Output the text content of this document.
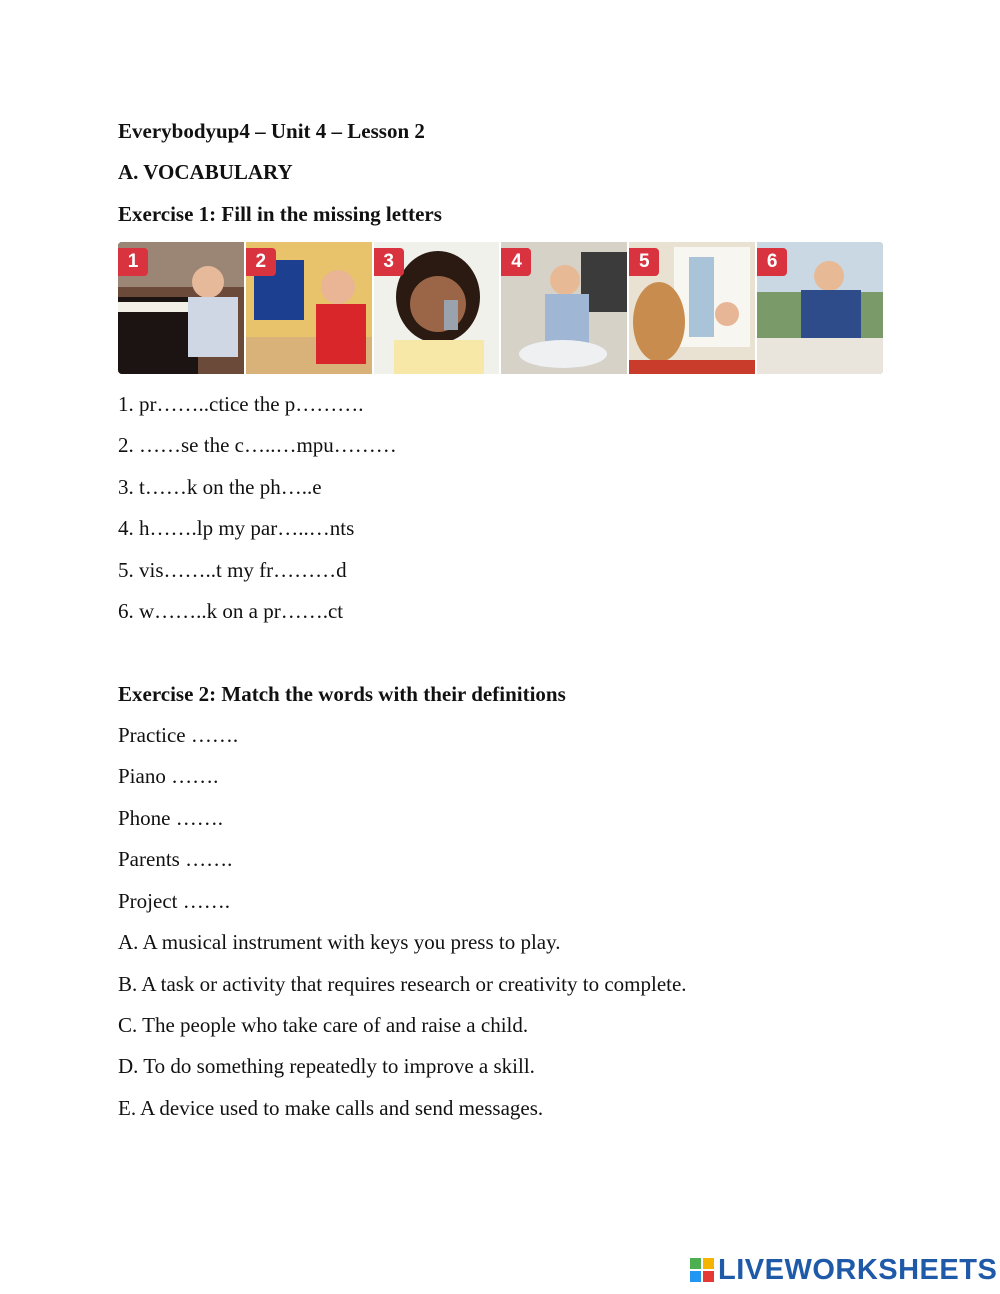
Everybodyup4 – Unit 4 – Lesson 2
A. VOCABULARY
Exercise 1: Fill in the missing letters
1	2	3	4	5	6
1. pr……..ctice the p……….
2. ……se the c…..…mpu………
3. t……k on the ph…..e
4. h…….lp my par…..…nts
5. vis……..t my fr………d
6. w……..k on a pr…….ct
Exercise 2: Match the words with their definitions
Practice …….
Piano …….
Phone …….
Parents …….
Project …….
A. A musical instrument with keys you press to play.
B. A task or activity that requires research or creativity to complete.
C. The people who take care of and raise a child.
D. To do something repeatedly to improve a skill.
E. A device used to make calls and send messages.
LIVEWORKSHEETS
